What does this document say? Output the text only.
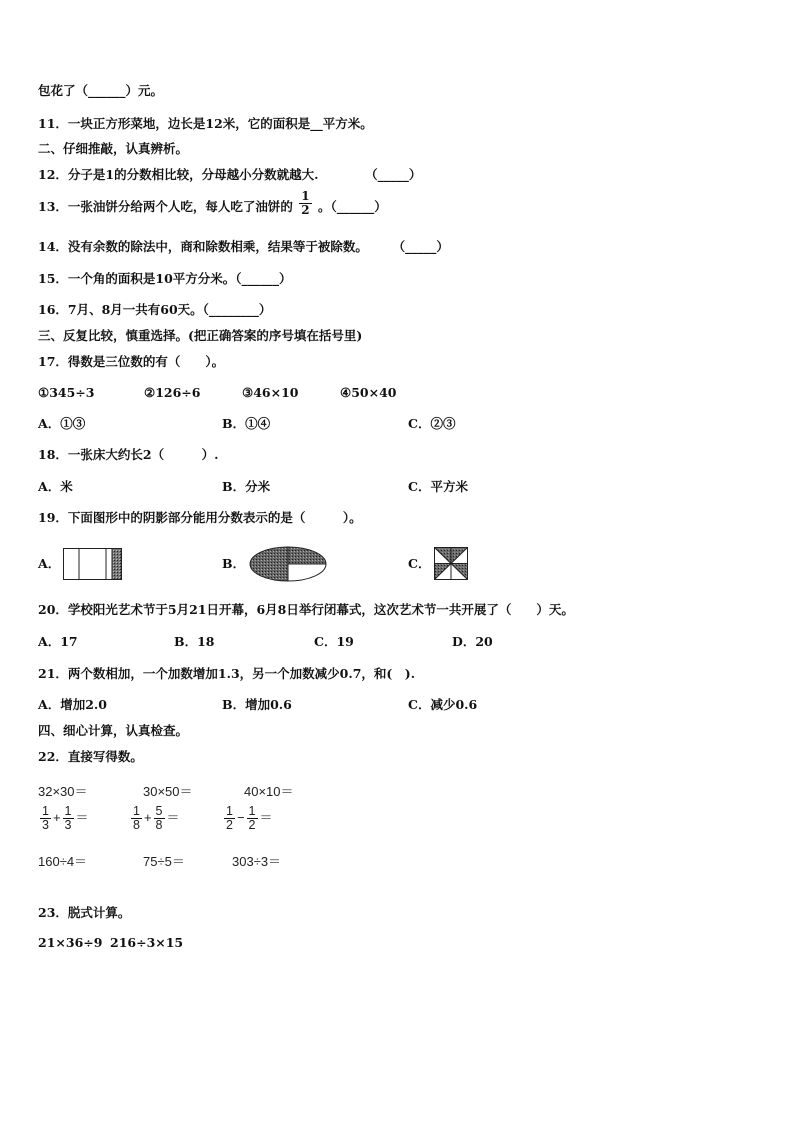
包花了（______）元。
11．一块正方形菜地，边长是12米，它的面积是__平方米。
二、仔细推敲，认真辨析。
12．分子是1的分数相比较，分母越小分数就越大.	（_____）
13．一张油饼分给两个人吃，每人吃了油饼的 $\frac{1}{2}$ 。（______）
14．没有余数的除法中，商和除数相乘，结果等于被除数。 （_____）
15．一个角的面积是10平方分米。（______）
16．7月、8月一共有60天。（________）
三、反复比较，慎重选择。(把正确答案的序号填在括号里)
17．得数是三位数的有（　　）。
①345÷3	②126÷6	③46×10	④50×40
A．①③	B．①④	C．②③
18．一张床大约长2（　　　）.
A．米	B．分米	C．平方米
19．下面图形中的阴影部分能用分数表示的是（　　　）。
A．	B．	C．
20．学校阳光艺术节于5月21日开幕，6月8日举行闭幕式，这次艺术节一共开展了（　　）天。
A．17	B．18	C．19	D．20
21．两个数相加，一个加数增加1.3，另一个加数减少0.7，和(　).
A．增加2.0	B．增加0.6	C．减少0.6
四、细心计算，认真检查。
22．直接写得数。
32×30＝	30×50＝	40×10＝
$\frac{1}{3} + \frac{1}{3}$ ＝	$\frac{1}{8} + \frac{5}{8}$ ＝	$\frac{1}{2} - \frac{1}{2}$ ＝
160÷4＝	75÷5＝	303÷3＝
23．脱式计算。
21×36÷9 216÷3×15
